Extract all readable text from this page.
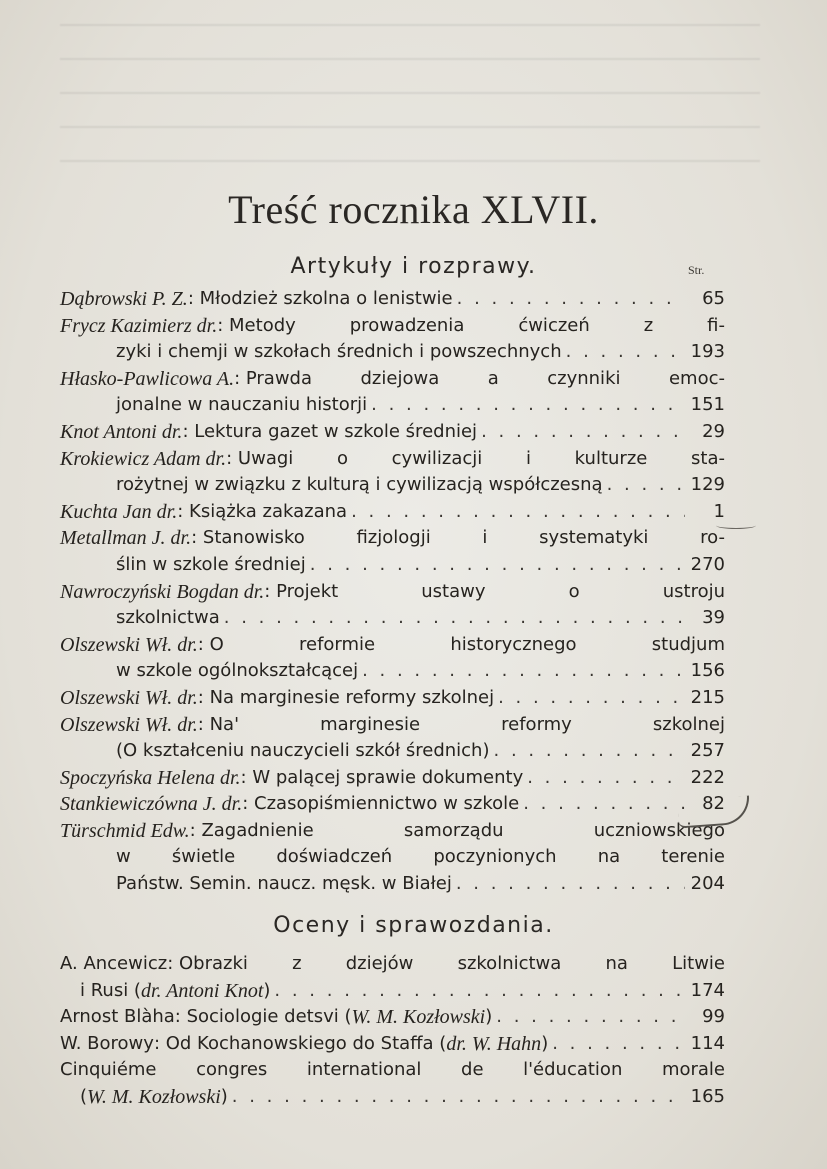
Treść rocznika XLVII.
Artykuły i rozprawy.	Str.
Dąbrowski P. Z. : Młodzież szkolna o lenistwie . . .	65
Frycz Kazimierz dr. : Metody prowadzenia ćwiczeń z fi-
zyki i chemji w szkołach średnich i powszechnych . . .	193
Hłasko-Pawlicowa A. : Prawda dziejowa a czynniki emoc-
jonalne w nauczaniu historji . . .	151
Knot Antoni dr. : Lektura gazet w szkole średniej . . .	29
Krokiewicz Adam dr. : Uwagi o cywilizacji i kulturze sta-
rożytnej w związku z kulturą i cywilizacją współczesną . . .	129
Kuchta Jan dr. : Książka zakazana . . .	1
Metallman J. dr. : Stanowisko fizjologji i systematyki ro-
ślin w szkole średniej . . .	270
Nawroczyński Bogdan dr. : Projekt ustawy o ustroju
szkolnictwa . . .	39
Olszewski Wł. dr. : O reformie historycznego studjum
w szkole ogólnokształcącej . . .	156
Olszewski Wł. dr. : Na marginesie reformy szkolnej . . .	215
Olszewski Wł. dr. : Na' marginesie reformy szkolnej
(O kształceniu nauczycieli szkół średnich) . . .	257
Spoczyńska Helena dr. : W palącej sprawie dokumenty . . .	222
Stankiewiczówna J. dr. : Czasopiśmiennictwo w szkole . . .	82
Türschmid Edw. : Zagadnienie samorządu uczniowskiego
w świetle doświadczeń poczynionych na terenie
Państw. Semin. naucz. męsk. w Białej . . .	204
Oceny i sprawozdania.
A. Ancewicz : Obrazki z dziejów szkolnictwa na Litwie
i Rusi ( dr. Antoni Knot ) . . .	174
Arnost Blàha : Sociologie detsvi ( W. M. Kozłowski ) . . .	99
W. Borowy : Od Kochanowskiego do Staffa ( dr. W. Hahn ) . . .	114
Cinquiéme congres international de l'éducation morale
( W. M. Kozłowski ) . . .	165
